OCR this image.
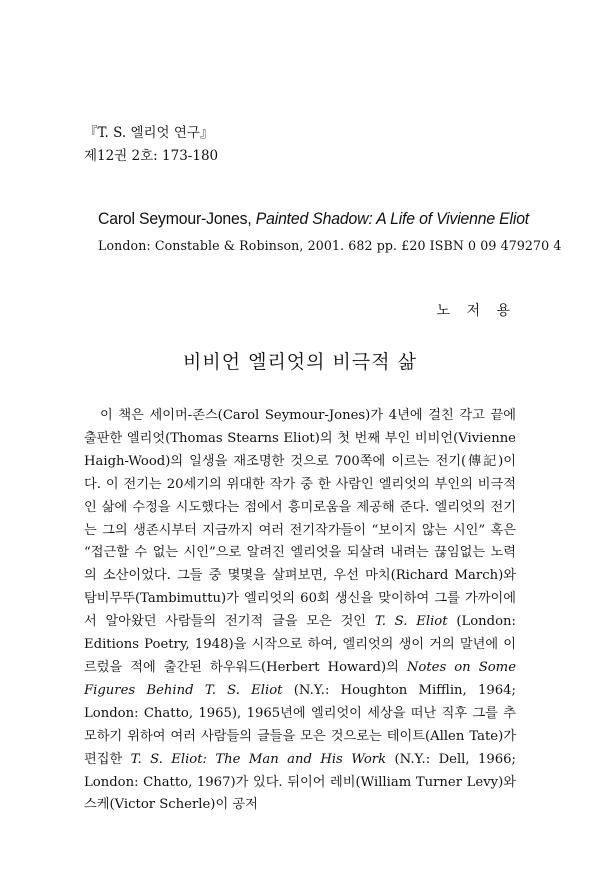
『T. S. 엘리엇 연구』
제12권 2호: 173-180
Carol Seymour-Jones, Painted Shadow: A Life of Vivienne Eliot
London: Constable & Robinson, 2001. 682 pp. £20 ISBN 0 09 479270 4
노 저 용
비비언 엘리엇의 비극적 삶

이 책은 세이머-존스(Carol Seymour-Jones)가 4년에 걸친 각고 끝에 출판한 엘리엇(Thomas Stearns Eliot)의 첫 번째 부인 비비언(Vivienne Haigh-Wood)의 일생을 재조명한 것으로 700쪽에 이르는 전기(傳記)이다. 이 전기는 20세기의 위대한 작가 중 한 사람인 엘리엇의 부인의 비극적인 삶에 수정을 시도했다는 점에서 흥미로움을 제공해 준다. 엘리엇의 전기는 그의 생존시부터 지금까지 여러 전기작가들이 “보이지 않는 시인” 혹은 “접근할 수 없는 시인”으로 알려진 엘리엇을 되살려 내려는 끊임없는 노력의 소산이었다. 그들 중 몇몇을 살펴보면, 우선 마치(Richard March)와 탐비무뚜(Tambimuttu)가 엘리엇의 60회 생신을 맞이하여 그를 가까이에서 알아왔던 사람들의 전기적 글을 모은 것인 T. S. Eliot (London: Editions Poetry, 1948)을 시작으로 하여, 엘리엇의 생이 거의 말년에 이르렀을 적에 출간된 하우워드(Herbert Howard)의 Notes on Some Figures Behind T. S. Eliot (N.Y.: Houghton Mifflin, 1964; London: Chatto, 1965), 1965년에 엘리엇이 세상을 떠난 직후 그를 추모하기 위하여 여러 사람들의 글들을 모은 것으로는 테이트(Allen Tate)가 편집한 T. S. Eliot: The Man and His Work (N.Y.: Dell, 1966; London: Chatto, 1967)가 있다. 뒤이어 레비(William Turner Levy)와 스케(Victor Scherle)이 공저
